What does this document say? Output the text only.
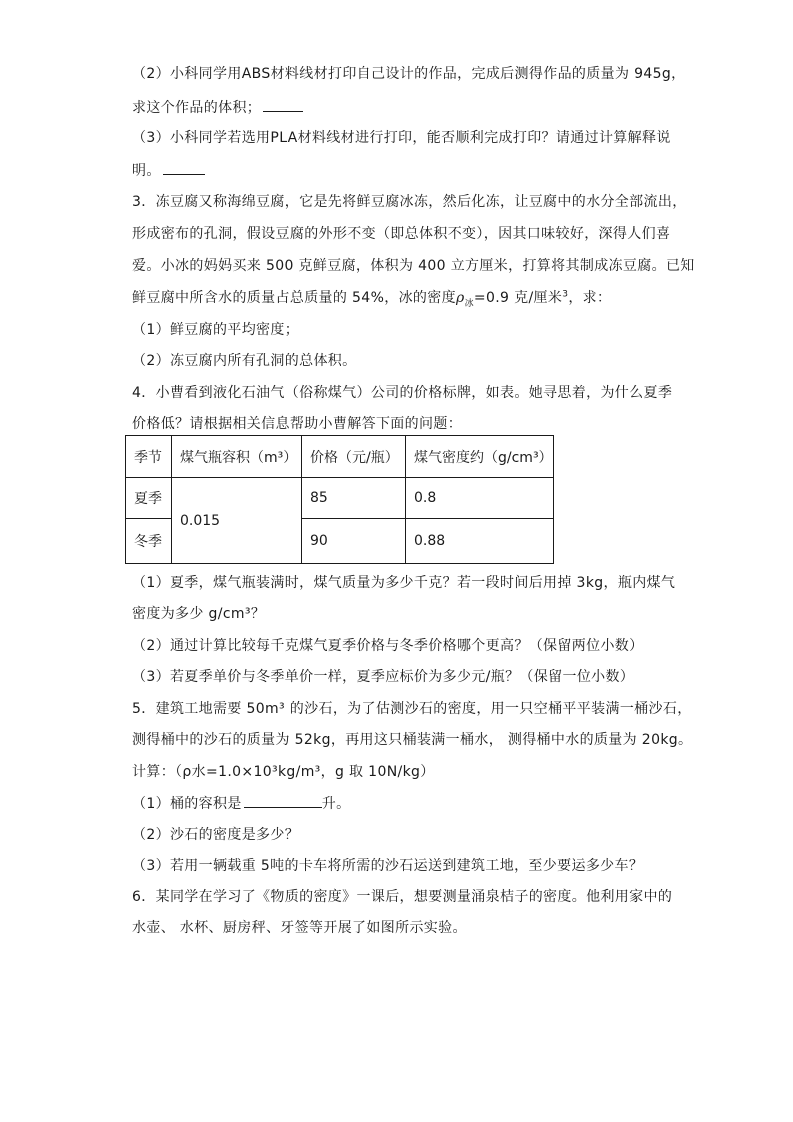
（2）小科同学用ABS材料线材打印自己设计的作品，完成后测得作品的质量为 945g，
求这个作品的体积；
（3）小科同学若选用PLA材料线材进行打印，能否顺利完成打印？请通过计算解释说
明。
3．冻豆腐又称海绵豆腐，它是先将鲜豆腐冰冻，然后化冻，让豆腐中的水分全部流出，
形成密布的孔洞，假设豆腐的外形不变（即总体积不变），因其口味较好，深得人们喜
爱。小冰的妈妈买来 500 克鲜豆腐，体积为 400 立方厘米，打算将其制成冻豆腐。已知
鲜豆腐中所含水的质量占总质量的 54%，冰的密度$\rho_冰=0.9$ 克/厘米$^3$，求：
（1）鲜豆腐的平均密度；
（2）冻豆腐内所有孔洞的总体积。
4．小曹看到液化石油气（俗称煤气）公司的价格标牌，如表。她寻思着，为什么夏季
价格低？请根据相关信息帮助小曹解答下面的问题：
季节	煤气瓶容积（m³）	价格（元/瓶）	煤气密度约（g/cm³）
夏季	0.015	85	0.8
冬季		90	0.88
（1）夏季，煤气瓶装满时，煤气质量为多少千克？若一段时间后用掉 3kg，瓶内煤气
密度为多少 g/cm³？
（2）通过计算比较每千克煤气夏季价格与冬季价格哪个更高？（保留两位小数）
（3）若夏季单价与冬季单价一样，夏季应标价为多少元/瓶？（保留一位小数）
5．建筑工地需要 50m³ 的沙石，为了估测沙石的密度，用一只空桶平平装满一桶沙石，
测得桶中的沙石的质量为 52kg，再用这只桶装满一桶水， 测得桶中水的质量为 20kg。
计算：（ρ水=1.0×10³kg/m³，g 取 10N/kg）
（1）桶的容积是	升。
（2）沙石的密度是多少？
（3）若用一辆载重 5吨的卡车将所需的沙石运送到建筑工地，至少要运多少车？
6．某同学在学习了《物质的密度》一课后，想要测量涌泉桔子的密度。他利用家中的
水壶、 水杯、厨房秤、牙签等开展了如图所示实验。
